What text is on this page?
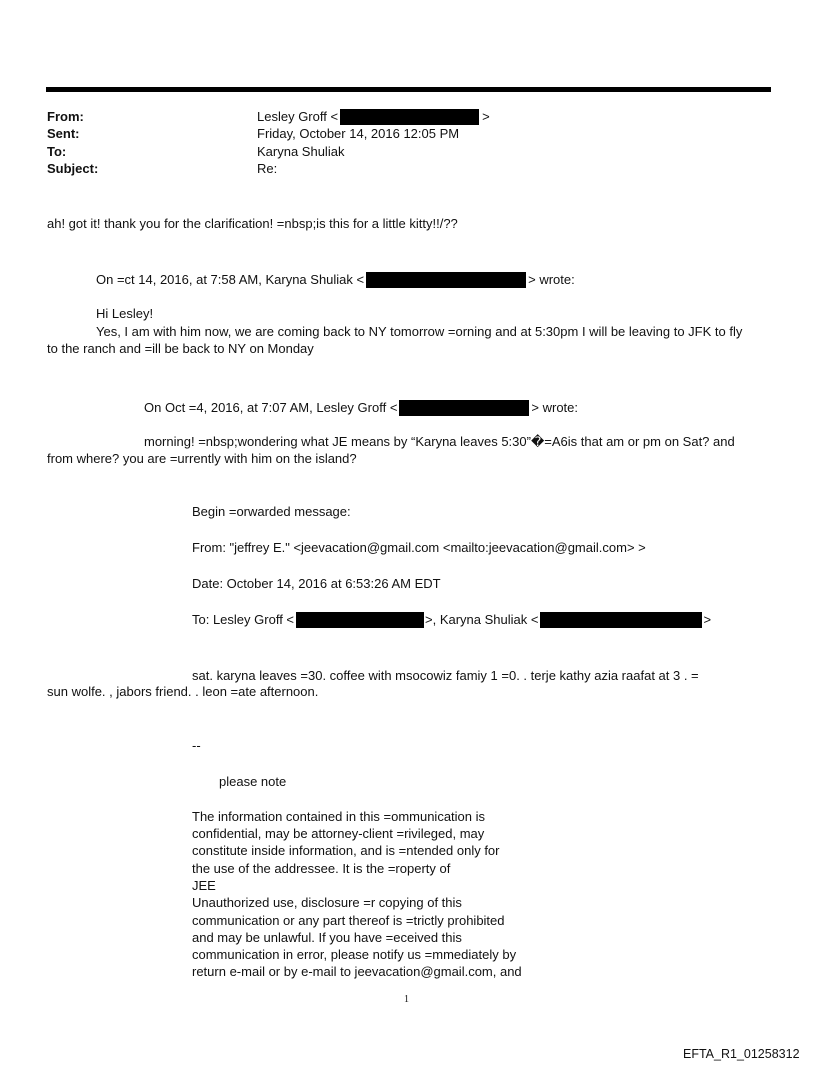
From:	Lesley Groff <	>
Sent:	Friday, October 14, 2016 12:05 PM
To:	Karyna Shuliak
Subject:	Re:
ah! got it! thank you for the clarification! =nbsp;is this for a little kitty!!/??
On =ct 14, 2016, at 7:58 AM, Karyna Shuliak <	> wrote:
Hi Lesley!
Yes, I am with him now, we are coming back to NY tomorrow =orning and at 5:30pm I will be leaving to JFK to fly
to the ranch and =ill be back to NY on Monday
On Oct =4, 2016, at 7:07 AM, Lesley Groff <	> wrote:
morning! =nbsp;wondering what JE means by “Karyna leaves 5:30”�=A6is that am or pm on Sat? and
from where? you are =urrently with him on the island?
Begin =orwarded message:
From: "jeffrey E." <jeevacation@gmail.com <mailto:jeevacation@gmail.com> >
Date: October 14, 2016 at 6:53:26 AM EDT
To: Lesley Groff <	>, Karyna Shuliak <	>
sat. karyna leaves =30. coffee with msocowiz famiy 1 =0. . terje kathy azia raafat at 3 . =
sun wolfe. , jabors friend. . leon =ate afternoon.
--
please note
The information contained in this =ommunication is
confidential, may be attorney-client =rivileged, may
constitute inside information, and is =ntended only for
the use of the addressee. It is the =roperty of
JEE
Unauthorized use, disclosure =r copying of this
communication or any part thereof is =trictly prohibited
and may be unlawful. If you have =eceived this
communication in error, please notify us =mmediately by
return e-mail or by e-mail to jeevacation@gmail.com, and
1
EFTA_R1_01258312
